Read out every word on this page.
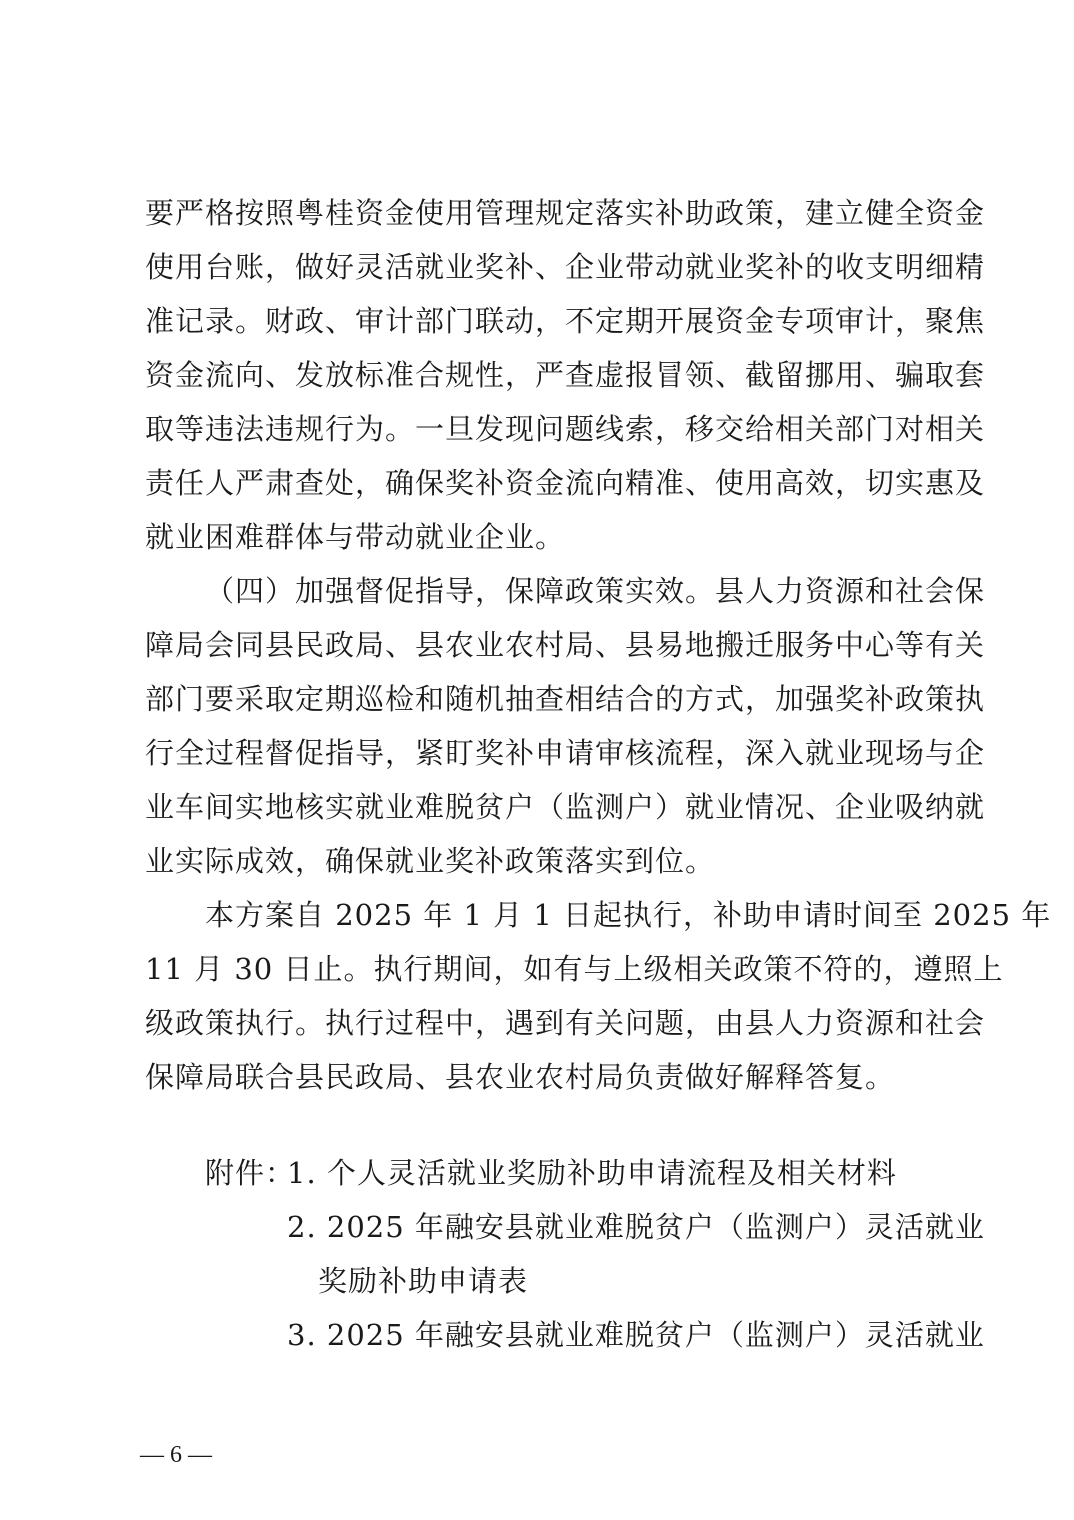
要严格按照粤桂资金使用管理规定落实补助政策，建立健全资金
使用台账，做好灵活就业奖补、企业带动就业奖补的收支明细精
准记录。财政、审计部门联动，不定期开展资金专项审计，聚焦
资金流向、发放标准合规性，严查虚报冒领、截留挪用、骗取套
取等违法违规行为。一旦发现问题线索，移交给相关部门对相关
责任人严肃查处，确保奖补资金流向精准、使用高效，切实惠及
就业困难群体与带动就业企业。
（四）加强督促指导，保障政策实效。县人力资源和社会保
障局会同县民政局、县农业农村局、县易地搬迁服务中心等有关
部门要采取定期巡检和随机抽查相结合的方式，加强奖补政策执
行全过程督促指导，紧盯奖补申请审核流程，深入就业现场与企
业车间实地核实就业难脱贫户（监测户）就业情况、企业吸纳就
业实际成效，确保就业奖补政策落实到位。
本方案自 2025 年 1 月 1 日起执行，补助申请时间至 2025 年
11 月 30 日止。执行期间，如有与上级相关政策不符的，遵照上
级政策执行。执行过程中，遇到有关问题，由县人力资源和社会
保障局联合县民政局、县农业农村局负责做好解释答复。
附件：
1. 个人灵活就业奖励补助申请流程及相关材料
2. 2025 年融安县就业难脱贫户（监测户）灵活就业
奖励补助申请表
3. 2025 年融安县就业难脱贫户（监测户）灵活就业
— 6 —
